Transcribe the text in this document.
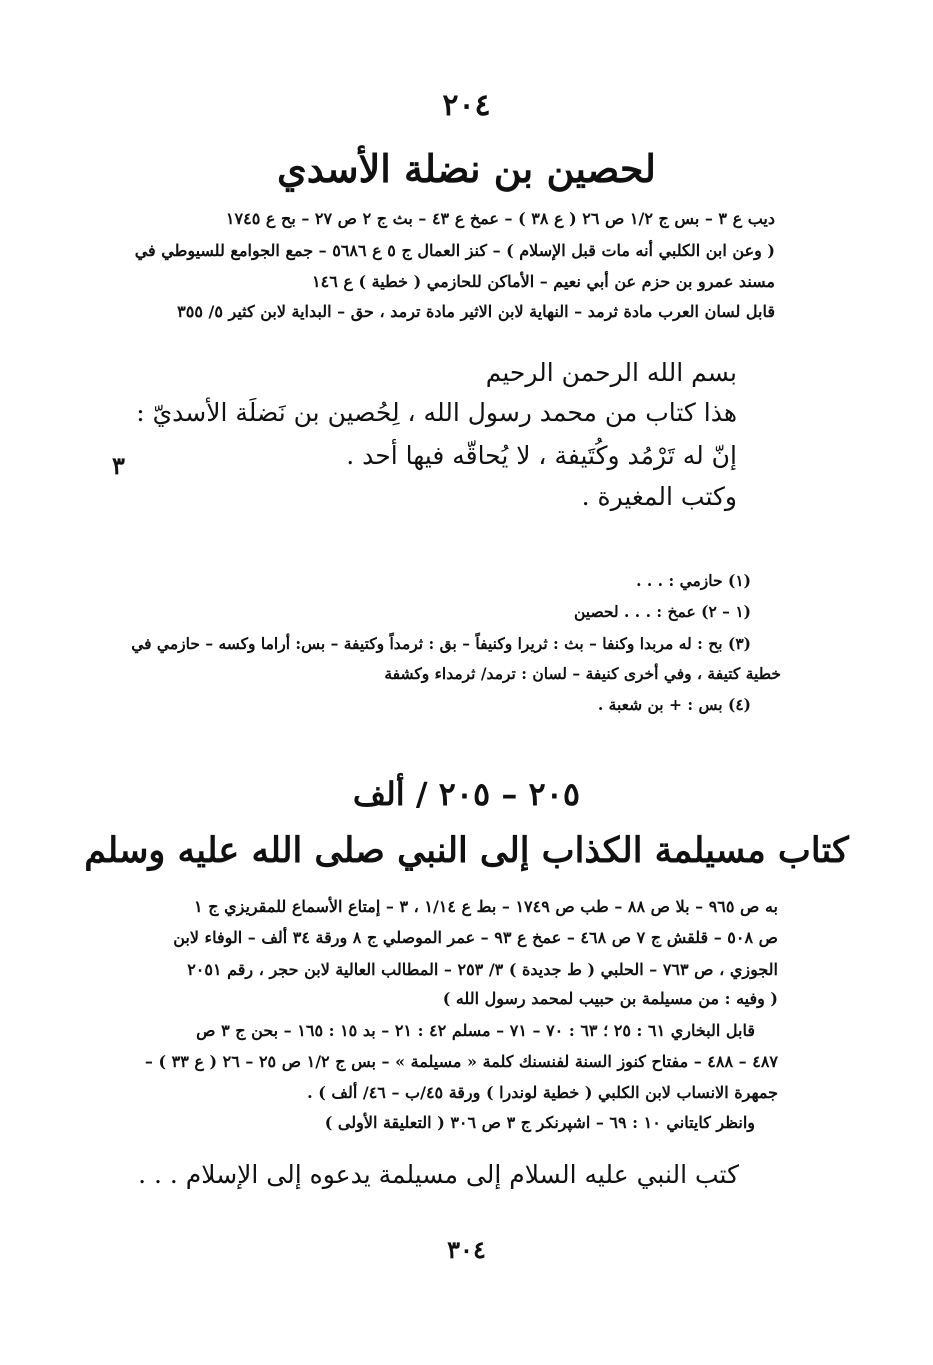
٢٠٤
لحصين بن نضلة الأسدي
ديب ع ٣ – بس ج ١/٢ ص ٢٦ ( ع ٣٨ ) – عمخ ع ٤٣ – بث ج ٢ ص ٢٧ – بح ع ١٧٤٥
( وعن ابن الكلبي أنه مات قبل الإسلام ) – كنز العمال ج ٥ ع ٥٦٨٦ – جمع الجوامع للسيوطي في
مسند عمرو بن حزم عن أبي نعيم – الأماكن للحازمي ( خطية ) ع ١٤٦
قابل لسان العرب مادة ثرمد – النهاية لابن الاثير مادة ترمد ، حق – البداية لابن كثير ٥/ ٣٥٥
بسم الله الرحمن الرحيم
هذا كتاب من محمد رسول الله ، لِحُصين بن نَضلَة الأسديّ :
إنّ له تَرْمُد وكُتَيفة ، لا يُحاقّه فيها أحد .
وكتب المغيرة .
٣
(١) حازمي : . . .
(١ – ٢) عمخ : . . . لحصين
(٣) بح : له مربدا وكنفا – بث : ثريرا وكنيفاً – بق : ثرمداً وكتيفة – بس: أراما وكسه – حازمي في
خطية كتيفة ، وفي أخرى كنيفة – لسان : ترمد/ ثرمداء وكشفة
(٤) بس : + بن شعبة .
٢٠٥ – ٢٠٥ / ألف
كتاب مسيلمة الكذاب إلى النبي صلى الله عليه وسلم
به ص ٩٦٥ – بلا ص ٨٨ – طب ص ١٧٤٩ – بط ع ١/١٤ ، ٣ – إمتاع الأسماع للمقريزي ج ١
ص ٥٠٨ – قلقش ج ٧ ص ٤٦٨ – عمخ ع ٩٣ – عمر الموصلي ج ٨ ورقة ٣٤ ألف – الوفاء لابن
الجوزي ، ص ٧٦٣ – الحلبي ( ط جديدة ) ٣/ ٢٥٣ – المطالب العالية لابن حجر ، رقم ٢٠٥١
( وفيه : من مسيلمة بن حبيب لمحمد رسول الله )
قابل البخاري ٦١ : ٢٥ ؛ ٦٣ : ٧٠ – ٧١ – مسلم ٤٢ : ٢١ – بد ١٥ : ١٦٥ – بحن ج ٣ ص
٤٨٧ – ٤٨٨ – مفتاح كنوز السنة لفنسنك كلمة « مسيلمة » – بس ج ١/٢ ص ٢٥ – ٢٦ ( ع ٣٣ ) –
جمهرة الانساب لابن الكلبي ( خطية لوندرا ) ورقة ٤٥/ب – ٤٦/ ألف ) .
وانظر كايتاني ١٠ : ٦٩ – اشپرنكر ج ٣ ص ٣٠٦ ( التعليقة الأولى )
كتب النبي عليه السلام إلى مسيلمة يدعوه إلى الإسلام . . .
٣٠٤
